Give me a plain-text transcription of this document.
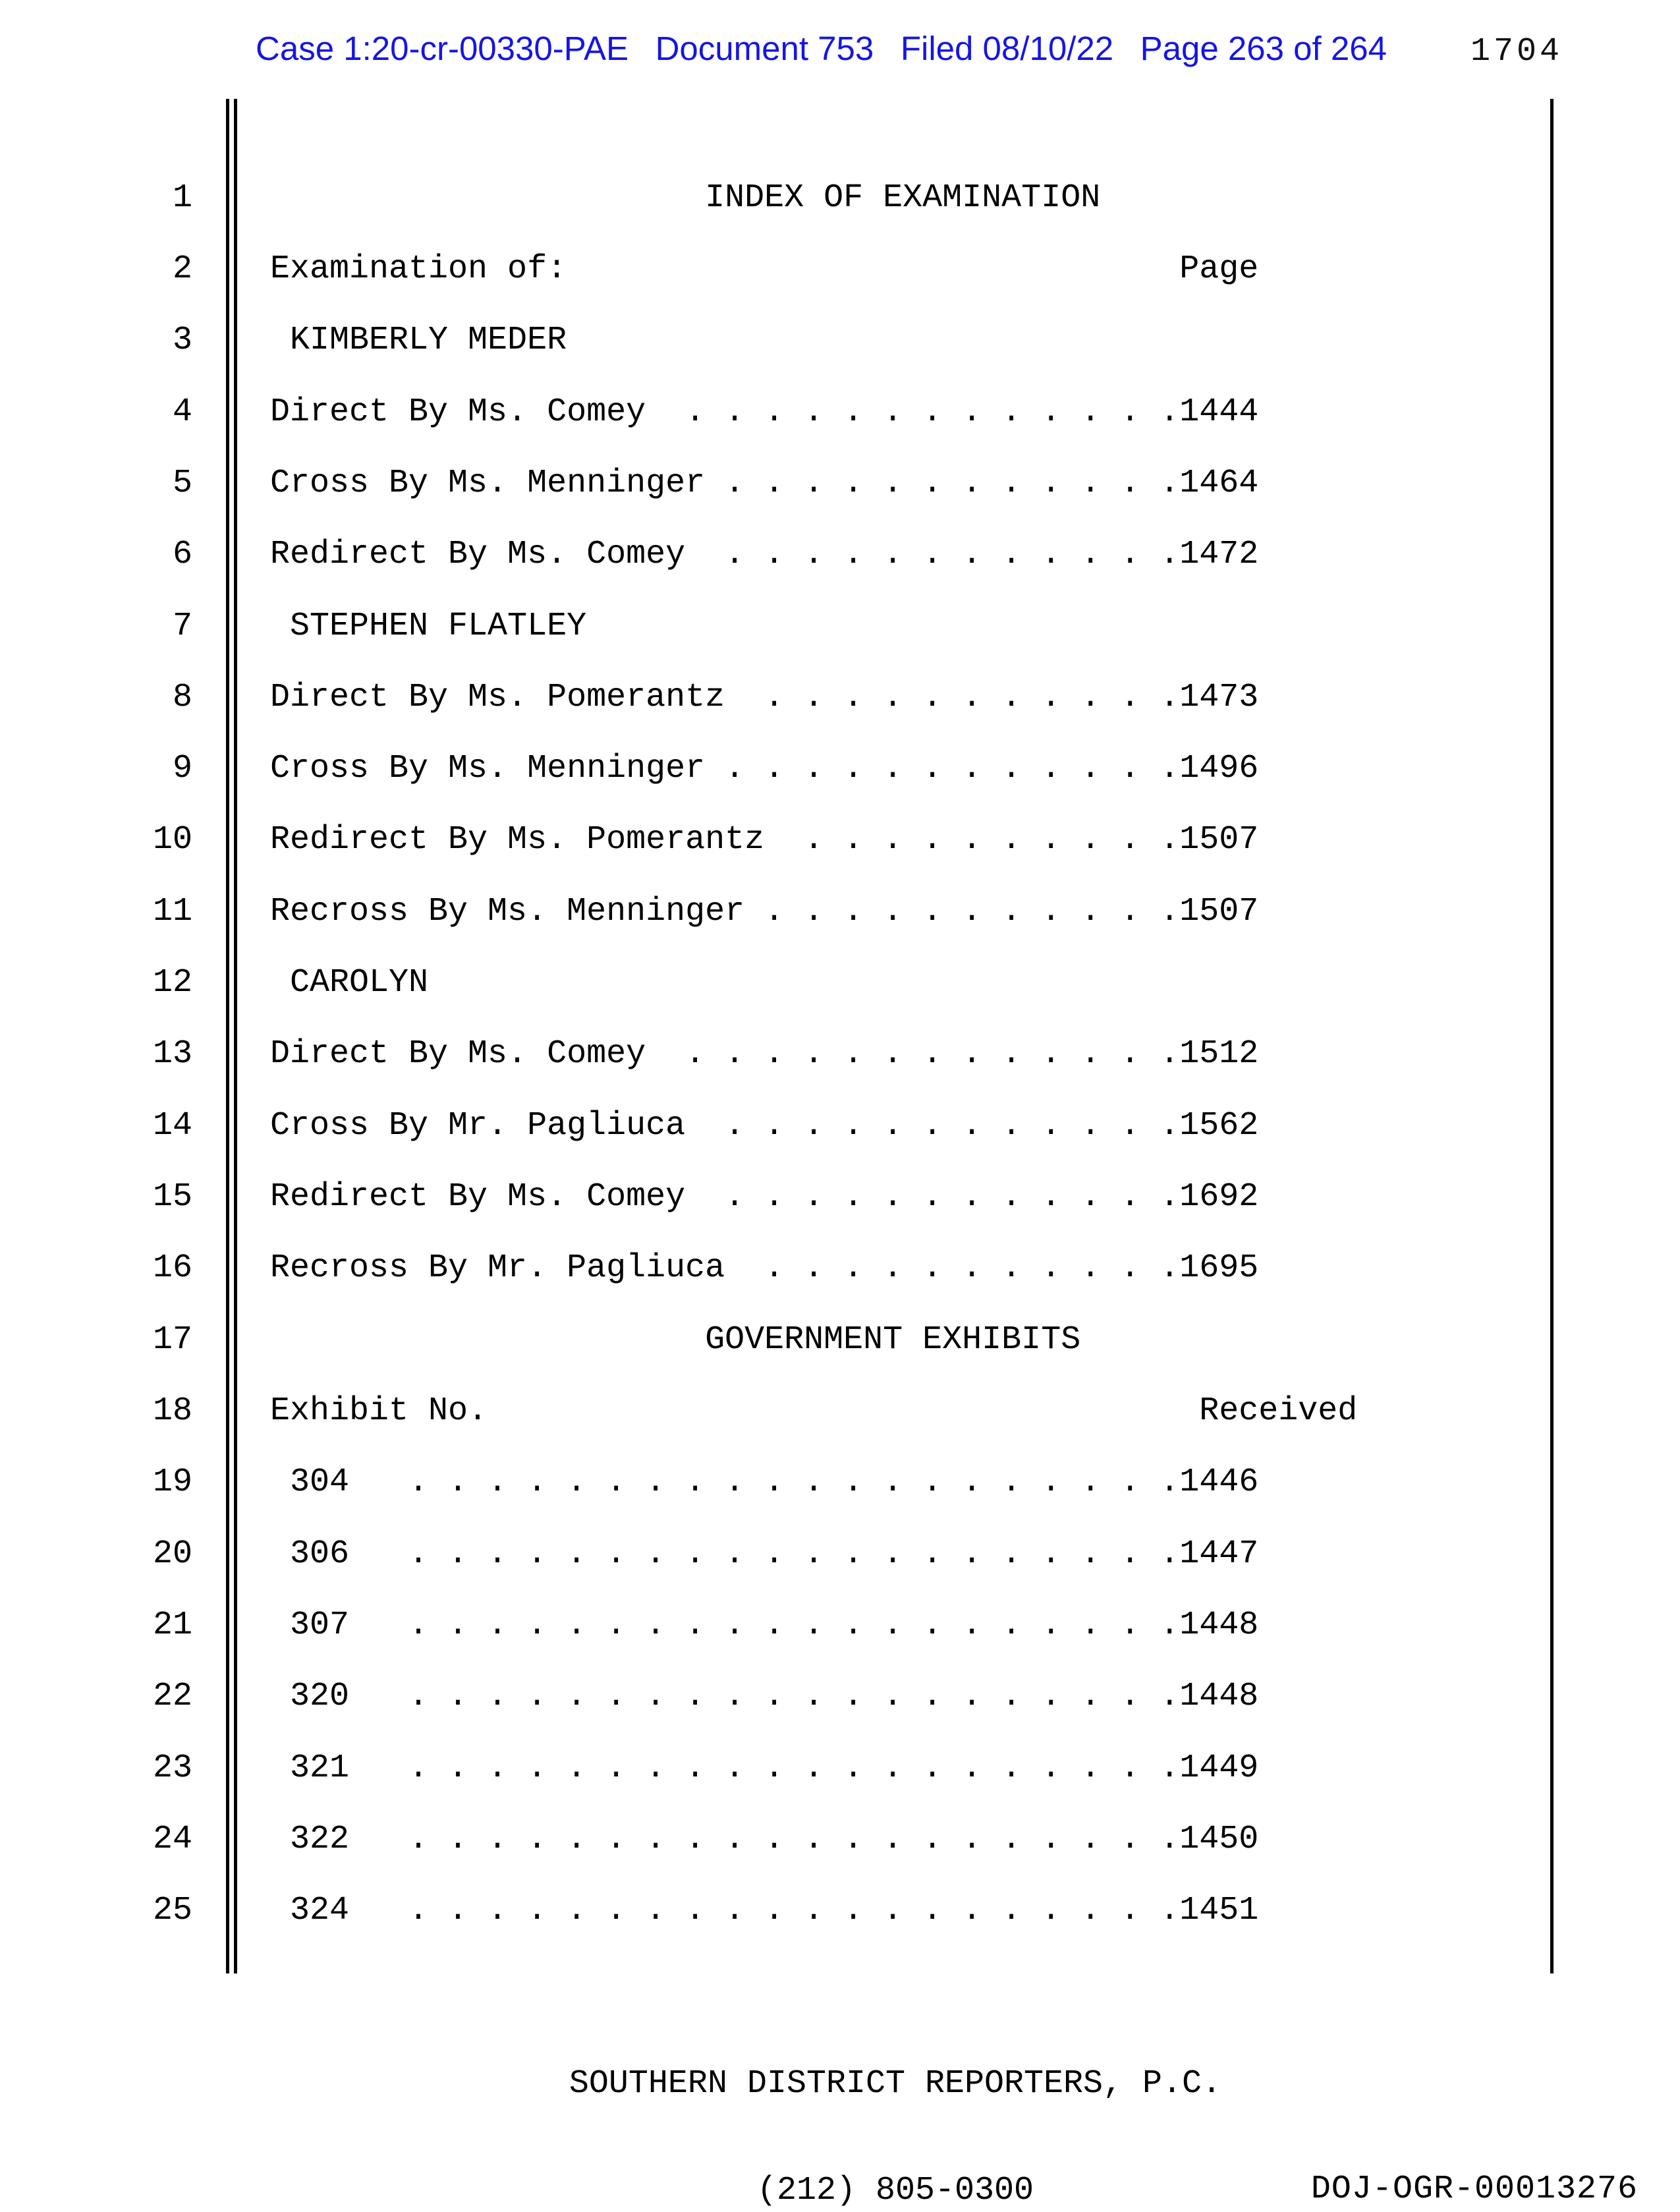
Case 1:20-cr-00330-PAE Document 753 Filed 08/10/22 Page 263 of 264	1704
1 INDEX OF EXAMINATION
2 Examination of:                               Page
3 KIMBERLY MEDER
4 Direct By Ms. Comey  . . . . . . . . . . . . .1444
5 Cross By Ms. Menninger . . . . . . . . . . . .1464
6 Redirect By Ms. Comey  . . . . . . . . . . . .1472
7 STEPHEN FLATLEY
8 Direct By Ms. Pomerantz  . . . . . . . . . . .1473
9 Cross By Ms. Menninger . . . . . . . . . . . .1496
10 Redirect By Ms. Pomerantz  . . . . . . . . . .1507
11 Recross By Ms. Menninger . . . . . . . . . . .1507
12 CAROLYN
13 Direct By Ms. Comey  . . . . . . . . . . . . .1512
14 Cross By Mr. Pagliuca  . . . . . . . . . . . .1562
15 Redirect By Ms. Comey  . . . . . . . . . . . .1692
16 Recross By Mr. Pagliuca  . . . . . . . . . . .1695
17 GOVERNMENT EXHIBITS
18 Exhibit No.                                    Received
19 304   . . . . . . . . . . . . . . . . . . . .1446
20 306   . . . . . . . . . . . . . . . . . . . .1447
21 307   . . . . . . . . . . . . . . . . . . . .1448
22 320   . . . . . . . . . . . . . . . . . . . .1448
23 321   . . . . . . . . . . . . . . . . . . . .1449
24 322   . . . . . . . . . . . . . . . . . . . .1450
25 324   . . . . . . . . . . . . . . . . . . . .1451

SOUTHERN DISTRICT REPORTERS, P.C.

(212) 805-0300

	DOJ-OGR-00013276
